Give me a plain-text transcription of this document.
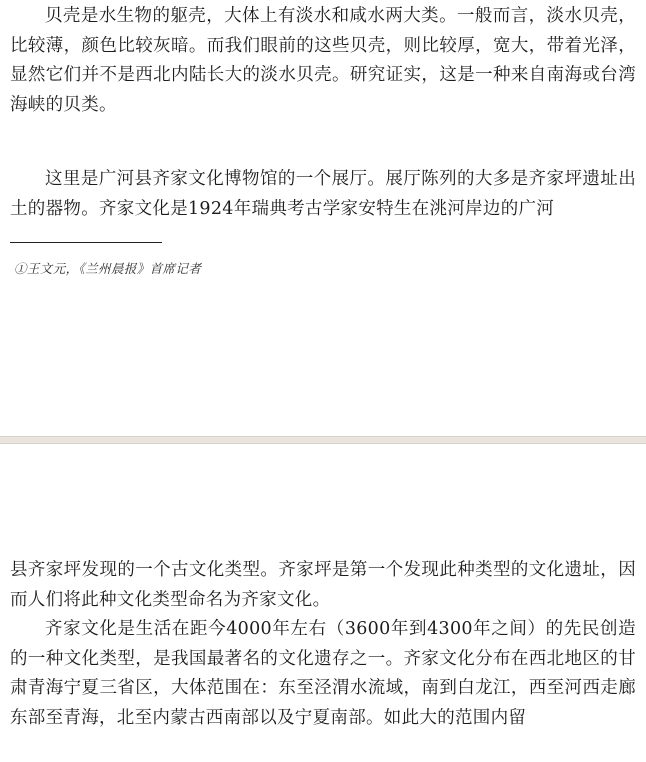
贝壳是水生物的躯壳，大体上有淡水和咸水两大类。一般而言，淡水贝壳，比较薄，颜色比较灰暗。而我们眼前的这些贝壳，则比较厚，宽大，带着光泽，显然它们并不是西北内陆长大的淡水贝壳。研究证实，这是一种来自南海或台湾海峡的贝类。

这里是广河县齐家文化博物馆的一个展厅。展厅陈列的大多是齐家坪遗址出土的器物。齐家文化是1924年瑞典考古学家安特生在洮河岸边的广河

①王文元，《兰州晨报》首席记者

县齐家坪发现的一个古文化类型。齐家坪是第一个发现此种类型的文化遗址，因而人们将此种文化类型命名为齐家文化。

齐家文化是生活在距今4000年左右（3600年到4300年之间）的先民创造的一种文化类型，是我国最著名的文化遗存之一。齐家文化分布在西北地区的甘肃青海宁夏三省区，大体范围在：东至泾渭水流域，南到白龙江，西至河西走廊东部至青海，北至内蒙古西南部以及宁夏南部。如此大的范围内留
